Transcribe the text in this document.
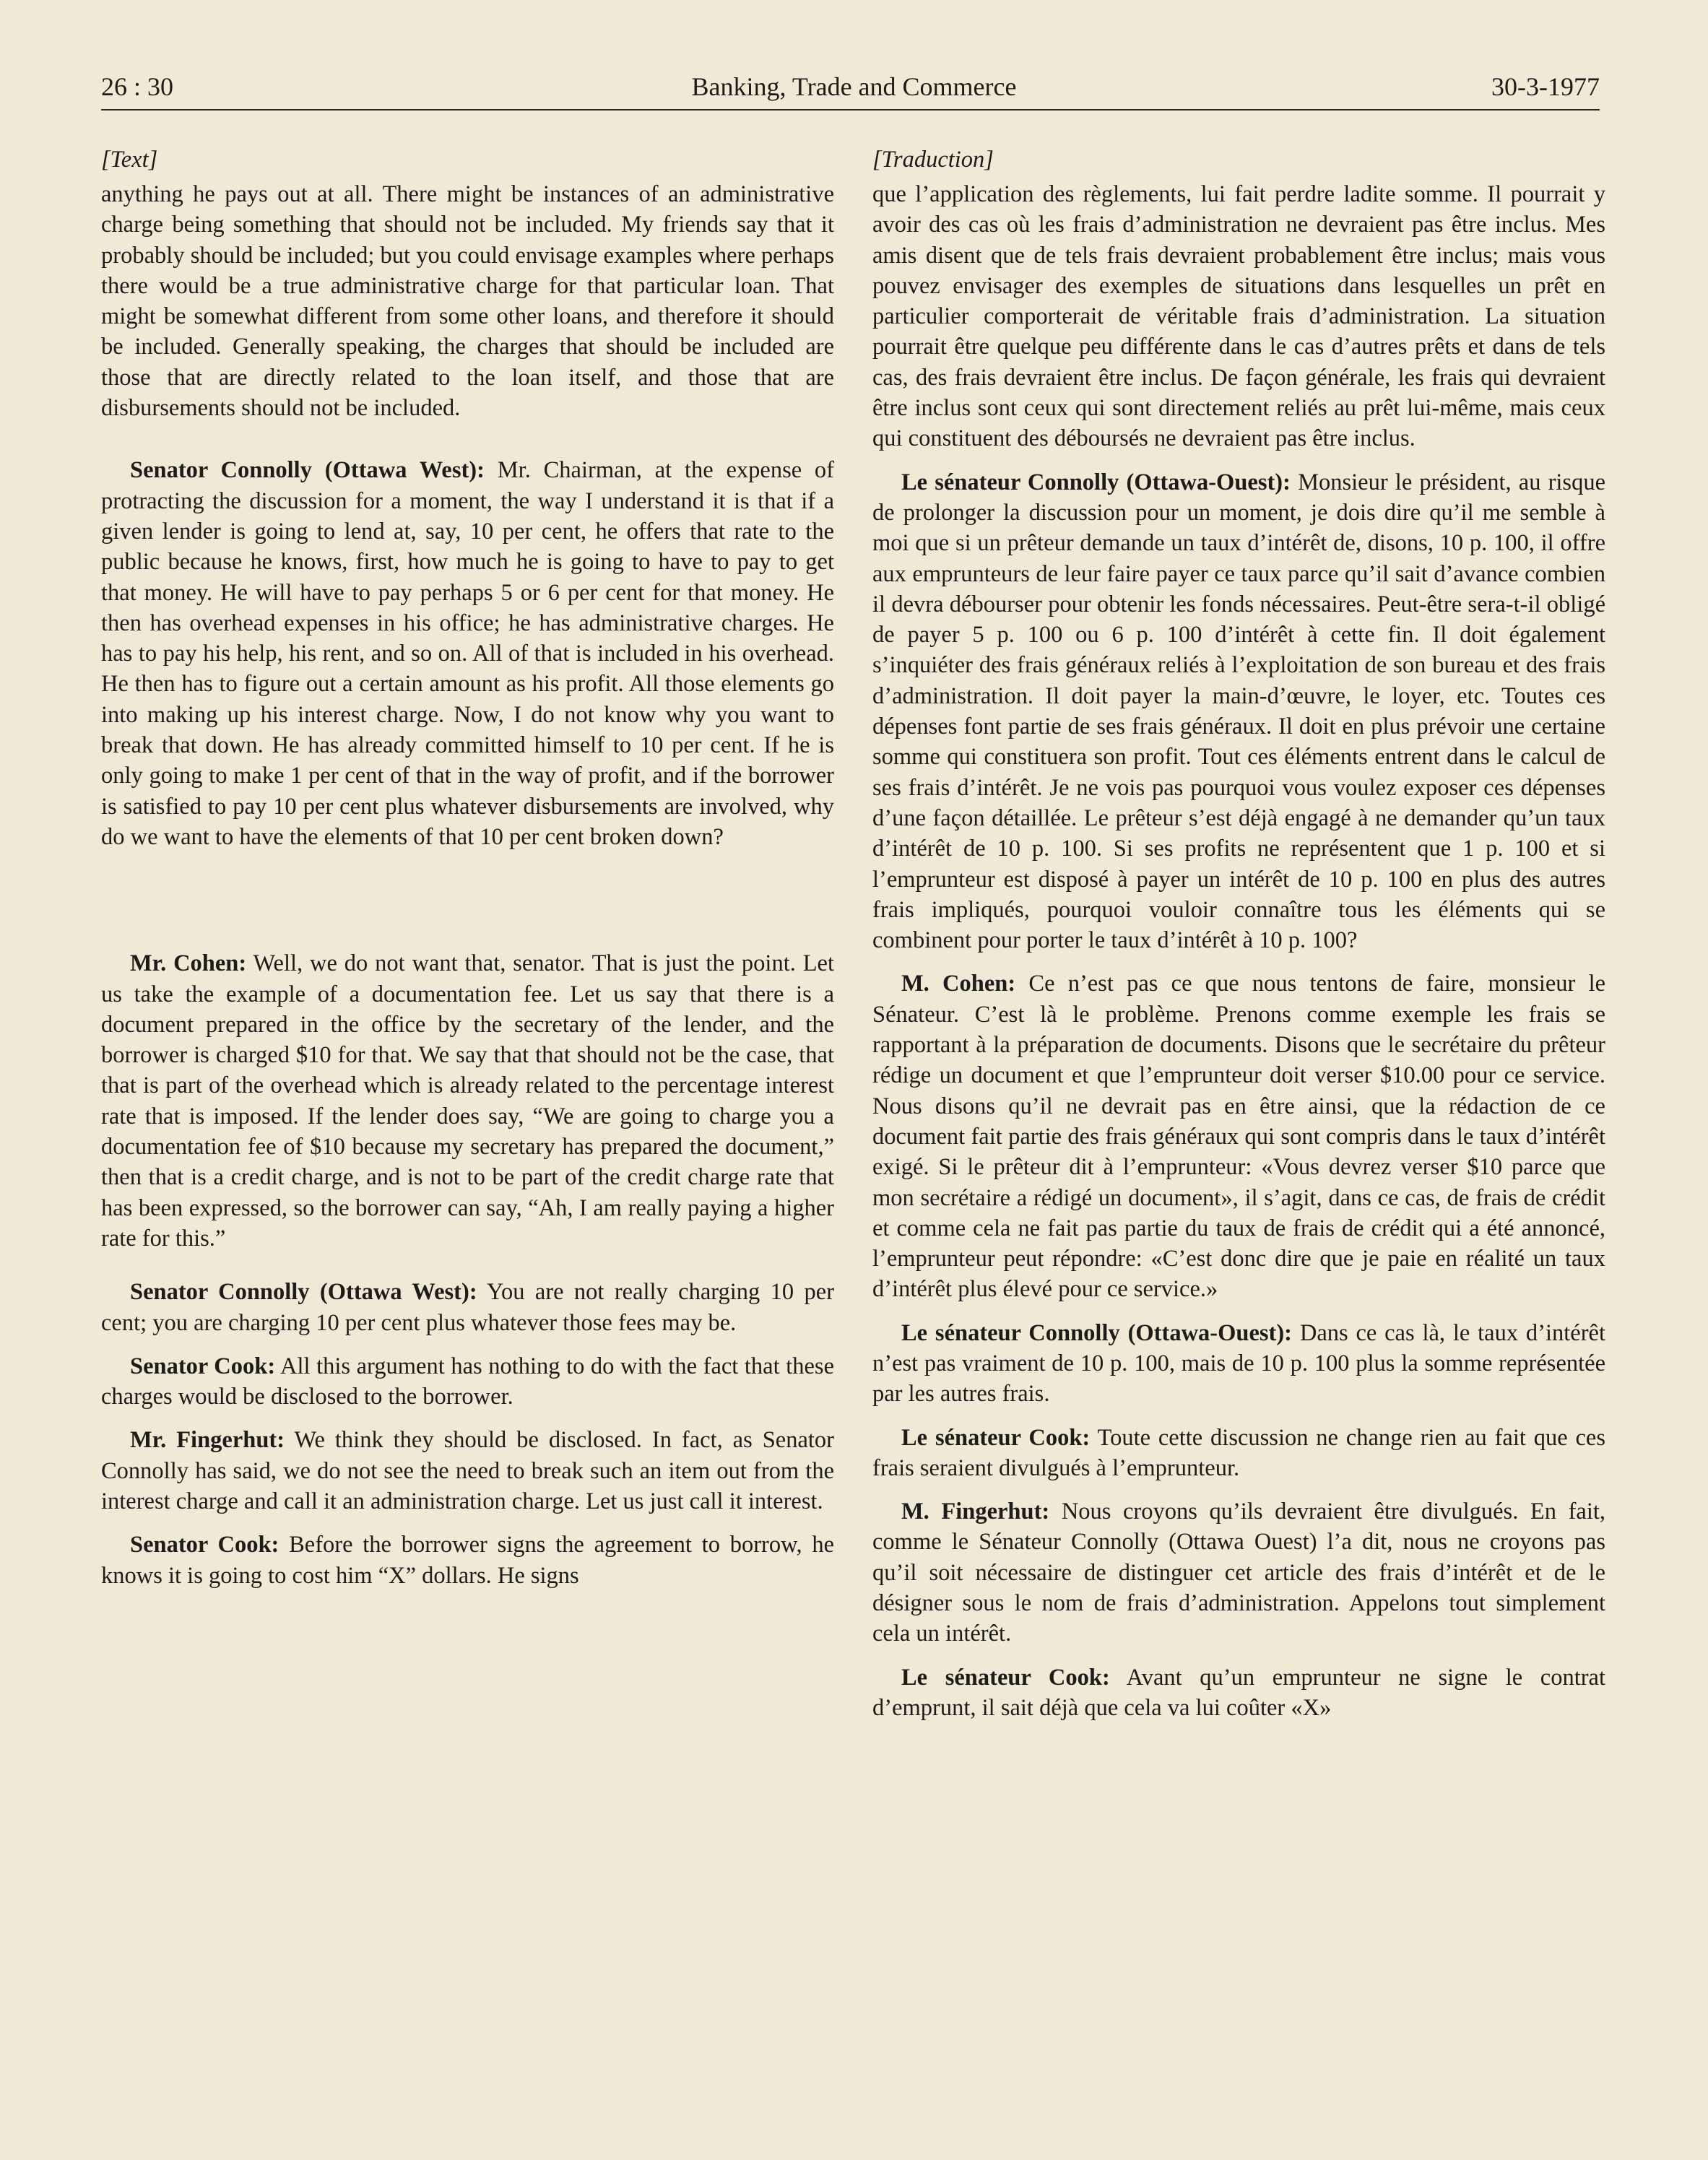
26 : 30	Banking, Trade and Commerce	30-3-1977
[Text]

anything he pays out at all. There might be instances of an administrative charge being something that should not be included. My friends say that it probably should be included; but you could envisage examples where perhaps there would be a true administrative charge for that particular loan. That might be somewhat different from some other loans, and therefore it should be included. Generally speaking, the charges that should be included are those that are directly related to the loan itself, and those that are disbursements should not be included.

Senator Connolly (Ottawa West): Mr. Chairman, at the expense of protracting the discussion for a moment, the way I understand it is that if a given lender is going to lend at, say, 10 per cent, he offers that rate to the public because he knows, first, how much he is going to have to pay to get that money. He will have to pay perhaps 5 or 6 per cent for that money. He then has overhead expenses in his office; he has administrative charges. He has to pay his help, his rent, and so on. All of that is included in his overhead. He then has to figure out a certain amount as his profit. All those elements go into making up his interest charge. Now, I do not know why you want to break that down. He has already committed himself to 10 per cent. If he is only going to make 1 per cent of that in the way of profit, and if the borrower is satisfied to pay 10 per cent plus whatever disbursements are involved, why do we want to have the elements of that 10 per cent broken down?

Mr. Cohen: Well, we do not want that, senator. That is just the point. Let us take the example of a documentation fee. Let us say that there is a document prepared in the office by the secretary of the lender, and the borrower is charged $10 for that. We say that that should not be the case, that that is part of the overhead which is already related to the percentage interest rate that is imposed. If the lender does say, “We are going to charge you a documentation fee of $10 because my secretary has prepared the document,” then that is a credit charge, and is not to be part of the credit charge rate that has been expressed, so the borrower can say, “Ah, I am really paying a higher rate for this.”

Senator Connolly (Ottawa West): You are not really charging 10 per cent; you are charging 10 per cent plus whatever those fees may be.

Senator Cook: All this argument has nothing to do with the fact that these charges would be disclosed to the borrower.

Mr. Fingerhut: We think they should be disclosed. In fact, as Senator Connolly has said, we do not see the need to break such an item out from the interest charge and call it an administration charge. Let us just call it interest.

Senator Cook: Before the borrower signs the agreement to borrow, he knows it is going to cost him “X” dollars. He signs

[Traduction]

que l’application des règlements, lui fait perdre ladite somme. Il pourrait y avoir des cas où les frais d’administration ne devraient pas être inclus. Mes amis disent que de tels frais devraient probablement être inclus; mais vous pouvez envisager des exemples de situations dans lesquelles un prêt en particulier comporterait de véritable frais d’administration. La situation pourrait être quelque peu différente dans le cas d’autres prêts et dans de tels cas, des frais devraient être inclus. De façon générale, les frais qui devraient être inclus sont ceux qui sont directement reliés au prêt lui-même, mais ceux qui constituent des déboursés ne devraient pas être inclus.

Le sénateur Connolly (Ottawa-Ouest): Monsieur le président, au risque de prolonger la discussion pour un moment, je dois dire qu’il me semble à moi que si un prêteur demande un taux d’intérêt de, disons, 10 p. 100, il offre aux emprunteurs de leur faire payer ce taux parce qu’il sait d’avance combien il devra débourser pour obtenir les fonds nécessaires. Peut-être sera-t-il obligé de payer 5 p. 100 ou 6 p. 100 d’intérêt à cette fin. Il doit également s’inquiéter des frais généraux reliés à l’exploitation de son bureau et des frais d’administration. Il doit payer la main-d’œuvre, le loyer, etc. Toutes ces dépenses font partie de ses frais généraux. Il doit en plus prévoir une certaine somme qui constituera son profit. Tout ces éléments entrent dans le calcul de ses frais d’intérêt. Je ne vois pas pourquoi vous voulez exposer ces dépenses d’une façon détaillée. Le prêteur s’est déjà engagé à ne demander qu’un taux d’intérêt de 10 p. 100. Si ses profits ne représentent que 1 p. 100 et si l’emprunteur est disposé à payer un intérêt de 10 p. 100 en plus des autres frais impliqués, pourquoi vouloir connaître tous les éléments qui se combinent pour porter le taux d’intérêt à 10 p. 100?

M. Cohen: Ce n’est pas ce que nous tentons de faire, monsieur le Sénateur. C’est là le problème. Prenons comme exemple les frais se rapportant à la préparation de documents. Disons que le secrétaire du prêteur rédige un document et que l’emprunteur doit verser $10.00 pour ce service. Nous disons qu’il ne devrait pas en être ainsi, que la rédaction de ce document fait partie des frais généraux qui sont compris dans le taux d’intérêt exigé. Si le prêteur dit à l’emprunteur: «Vous devrez verser $10 parce que mon secrétaire a rédigé un document», il s’agit, dans ce cas, de frais de crédit et comme cela ne fait pas partie du taux de frais de crédit qui a été annoncé, l’emprunteur peut répondre: «C’est donc dire que je paie en réalité un taux d’intérêt plus élevé pour ce service.»

Le sénateur Connolly (Ottawa-Ouest): Dans ce cas là, le taux d’intérêt n’est pas vraiment de 10 p. 100, mais de 10 p. 100 plus la somme représentée par les autres frais.

Le sénateur Cook: Toute cette discussion ne change rien au fait que ces frais seraient divulgués à l’emprunteur.

M. Fingerhut: Nous croyons qu’ils devraient être divulgués. En fait, comme le Sénateur Connolly (Ottawa Ouest) l’a dit, nous ne croyons pas qu’il soit nécessaire de distinguer cet article des frais d’intérêt et de le désigner sous le nom de frais d’administration. Appelons tout simplement cela un intérêt.

Le sénateur Cook: Avant qu’un emprunteur ne signe le contrat d’emprunt, il sait déjà que cela va lui coûter «X»
